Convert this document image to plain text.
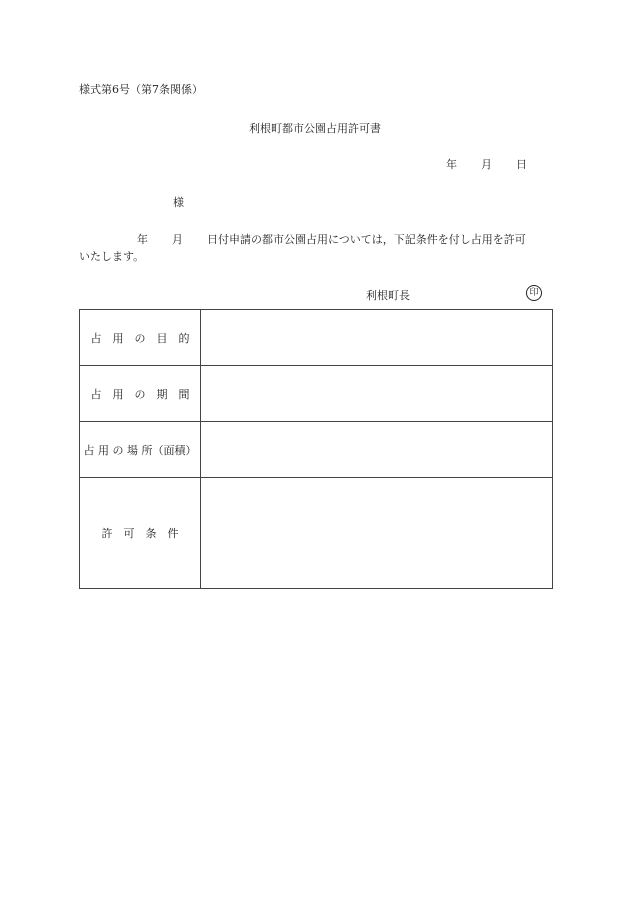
様式第6号（第7条関係）
利根町都市公園占用許可書
年 月 日
様
年 月 日付申請の都市公園占用については，下記条件を付し占用を許可
いたします。
利根町長	印
占　用　の　目　的	
占　用　の　期　間	
占 用 の 場 所（面積）	
許　可　条　件	
